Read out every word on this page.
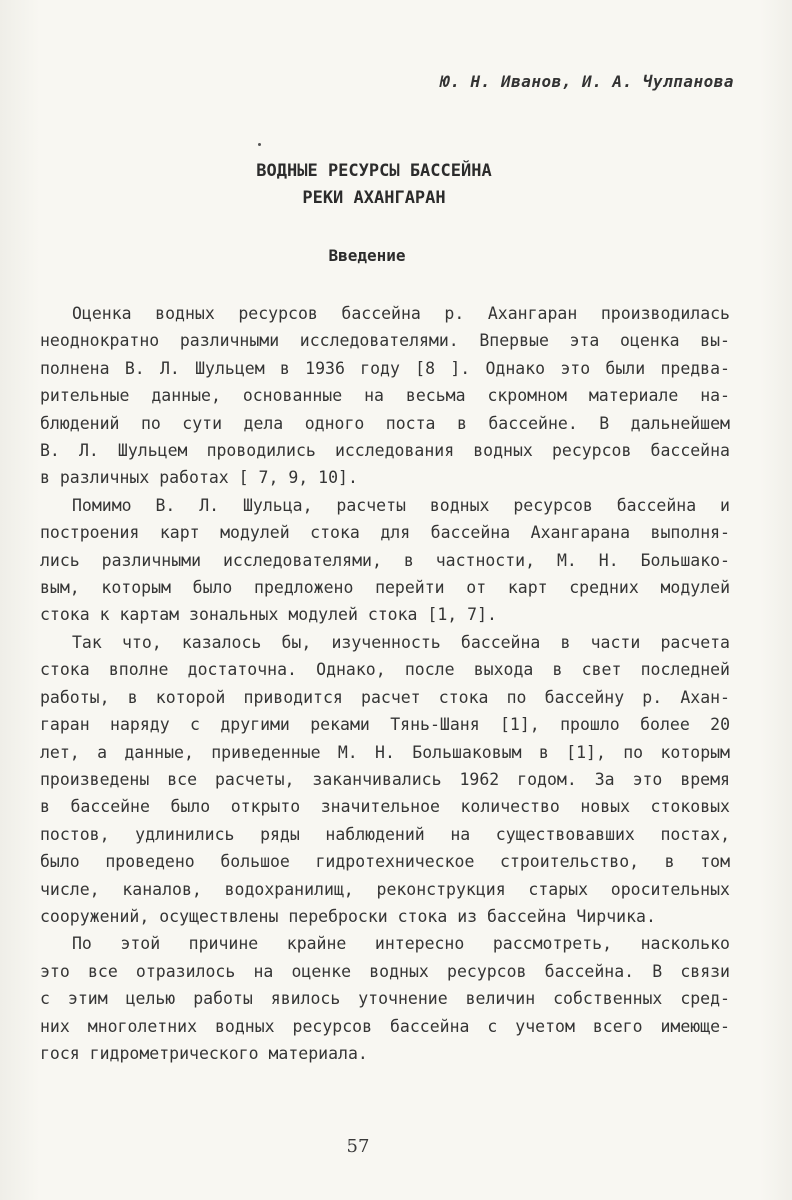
Ю. Н. Иванов, И. А. Чулпанова
ВОДНЫЕ РЕСУРСЫ БАССЕЙНА
РЕКИ АХАНГАРАН
Введение

Оценка водных ресурсов бассейна р. Ахангаран производилась
неоднократно различными исследователями. Впервые эта оценка вы-
полнена В. Л. Шульцем в 1936 году [8 ]. Однако это были предва-
рительные данные, основанные на весьма скромном материале на-
блюдений по сути дела одного поста в бассейне. В дальнейшем
В. Л. Шульцем проводились исследования водных ресурсов бассейна
в различных работах [ 7, 9, 10].

Помимо В. Л. Шульца, расчеты водных ресурсов бассейна и
построения карт модулей стока для бассейна Ахангарана выполня-
лись различными исследователями, в частности, М. Н. Большако-
вым, которым было предложено перейти от карт средних модулей
стока к картам зональных модулей стока [1, 7].

Так что, казалось бы, изученность бассейна в части расчета
стока вполне достаточна. Однако, после выхода в свет последней
работы, в которой приводится расчет стока по бассейну р. Ахан-
гаран наряду с другими реками Тянь-Шаня [1], прошло более 20
лет, а данные, приведенные М. Н. Большаковым в [1], по которым
произведены все расчеты, заканчивались 1962 годом. За это время
в бассейне было открыто значительное количество новых стоковых
постов, удлинились ряды наблюдений на существовавших постах,
было проведено большое гидротехническое строительство, в том
числе, каналов, водохранилищ, реконструкция старых оросительных
сооружений, осуществлены переброски стока из бассейна Чирчика.

По этой причине крайне интересно рассмотреть, насколько
это все отразилось на оценке водных ресурсов бассейна. В связи
с этим целью работы явилось уточнение величин собственных сред-
них многолетних водных ресурсов бассейна с учетом всего имеюще-
гося гидрометрического материала.

57
